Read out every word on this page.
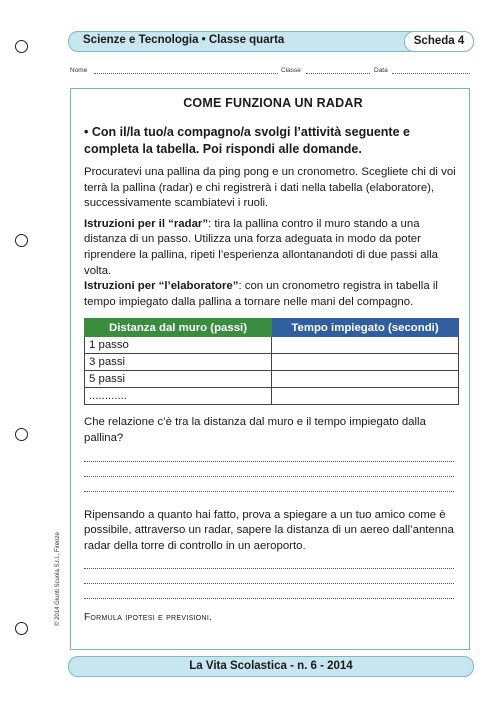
Scienze e Tecnologia • Classe quarta	Scheda 4
Nome	Classe	Data
COME FUNZIONA UN RADAR
• Con il/la tuo/a compagno/a svolgi l’attività seguente e completa la tabella. Poi rispondi alle domande.

Procuratevi una pallina da ping pong e un cronometro. Scegliete chi di voi terrà la pallina (radar) e chi registrerà i dati nella tabella (elaboratore), successivamente scambiatevi i ruoli.

Istruzioni per il “radar”: tira la pallina contro il muro stando a una distanza di un passo. Utilizza una forza adeguata in modo da poter riprendere la pallina, ripeti l’esperienza allontanandoti di due passi alla volta.

Istruzioni per “l’elaboratore”: con un cronometro registra in tabella il tempo impiegato dalla pallina a tornare nelle mani del compagno.

Distanza dal muro (passi)	Tempo impiegato (secondi)
1 passo	
3 passi	
5 passi	
............	

Che relazione c’è tra la distanza dal muro e il tempo impiegato dalla pallina?

Ripensando a quanto hai fatto, prova a spiegare a un tuo amico come è possibile, attraverso un radar, sapere la distanza di un aereo dall’antenna radar della torre di controllo in un aeroporto.

Formula ipotesi e previsioni.
© 2014 Giunti Scuola S.r.l., Firenze
La Vita Scolastica - n. 6 - 2014
